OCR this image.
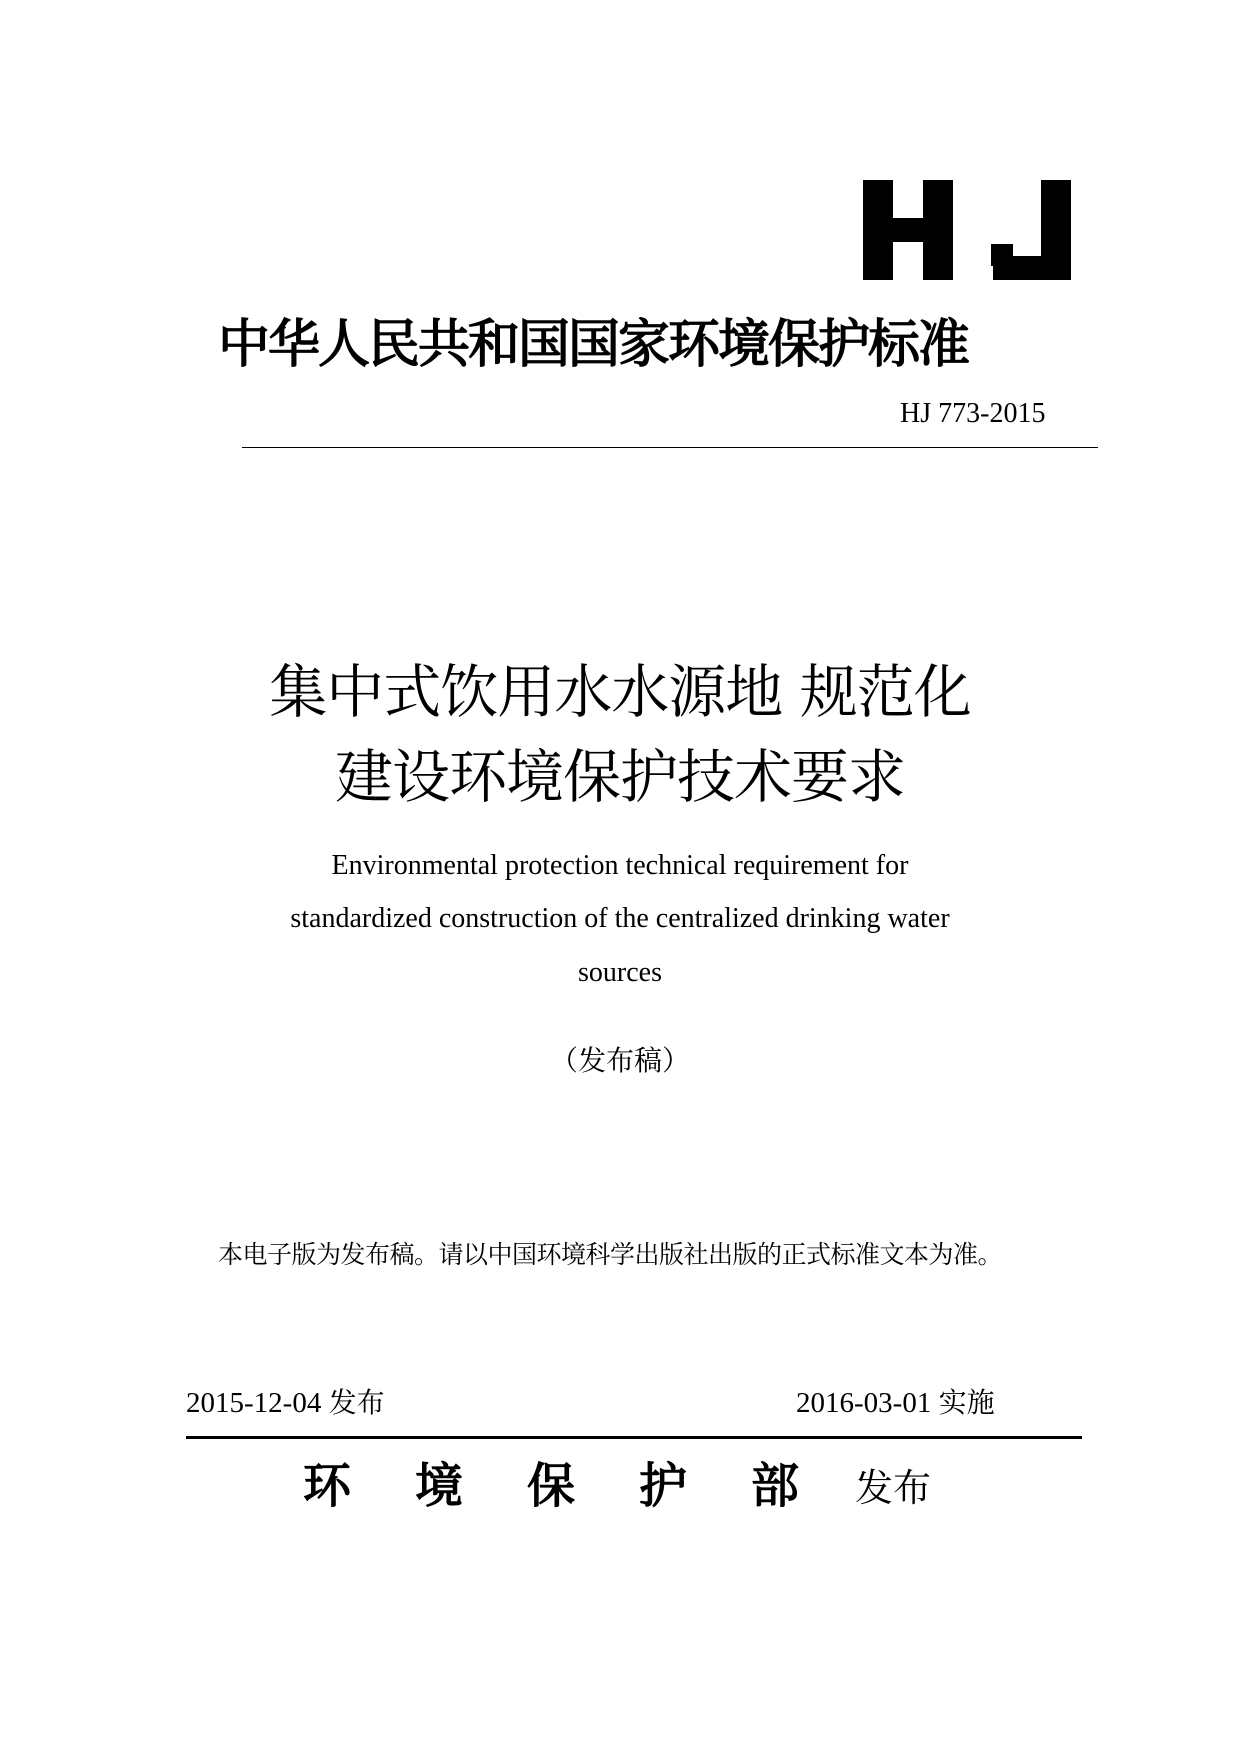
中华人民共和国国家环境保护标准
HJ 773-2015
集中式饮用水水源地 规范化
建设环境保护技术要求
Environmental protection technical requirement for
standardized construction of the centralized drinking water
sources
（发布稿）
本电子版为发布稿。请以中国环境科学出版社出版的正式标准文本为准。
2015-12-04 发布	2016-03-01 实施
环境保护部
发布
